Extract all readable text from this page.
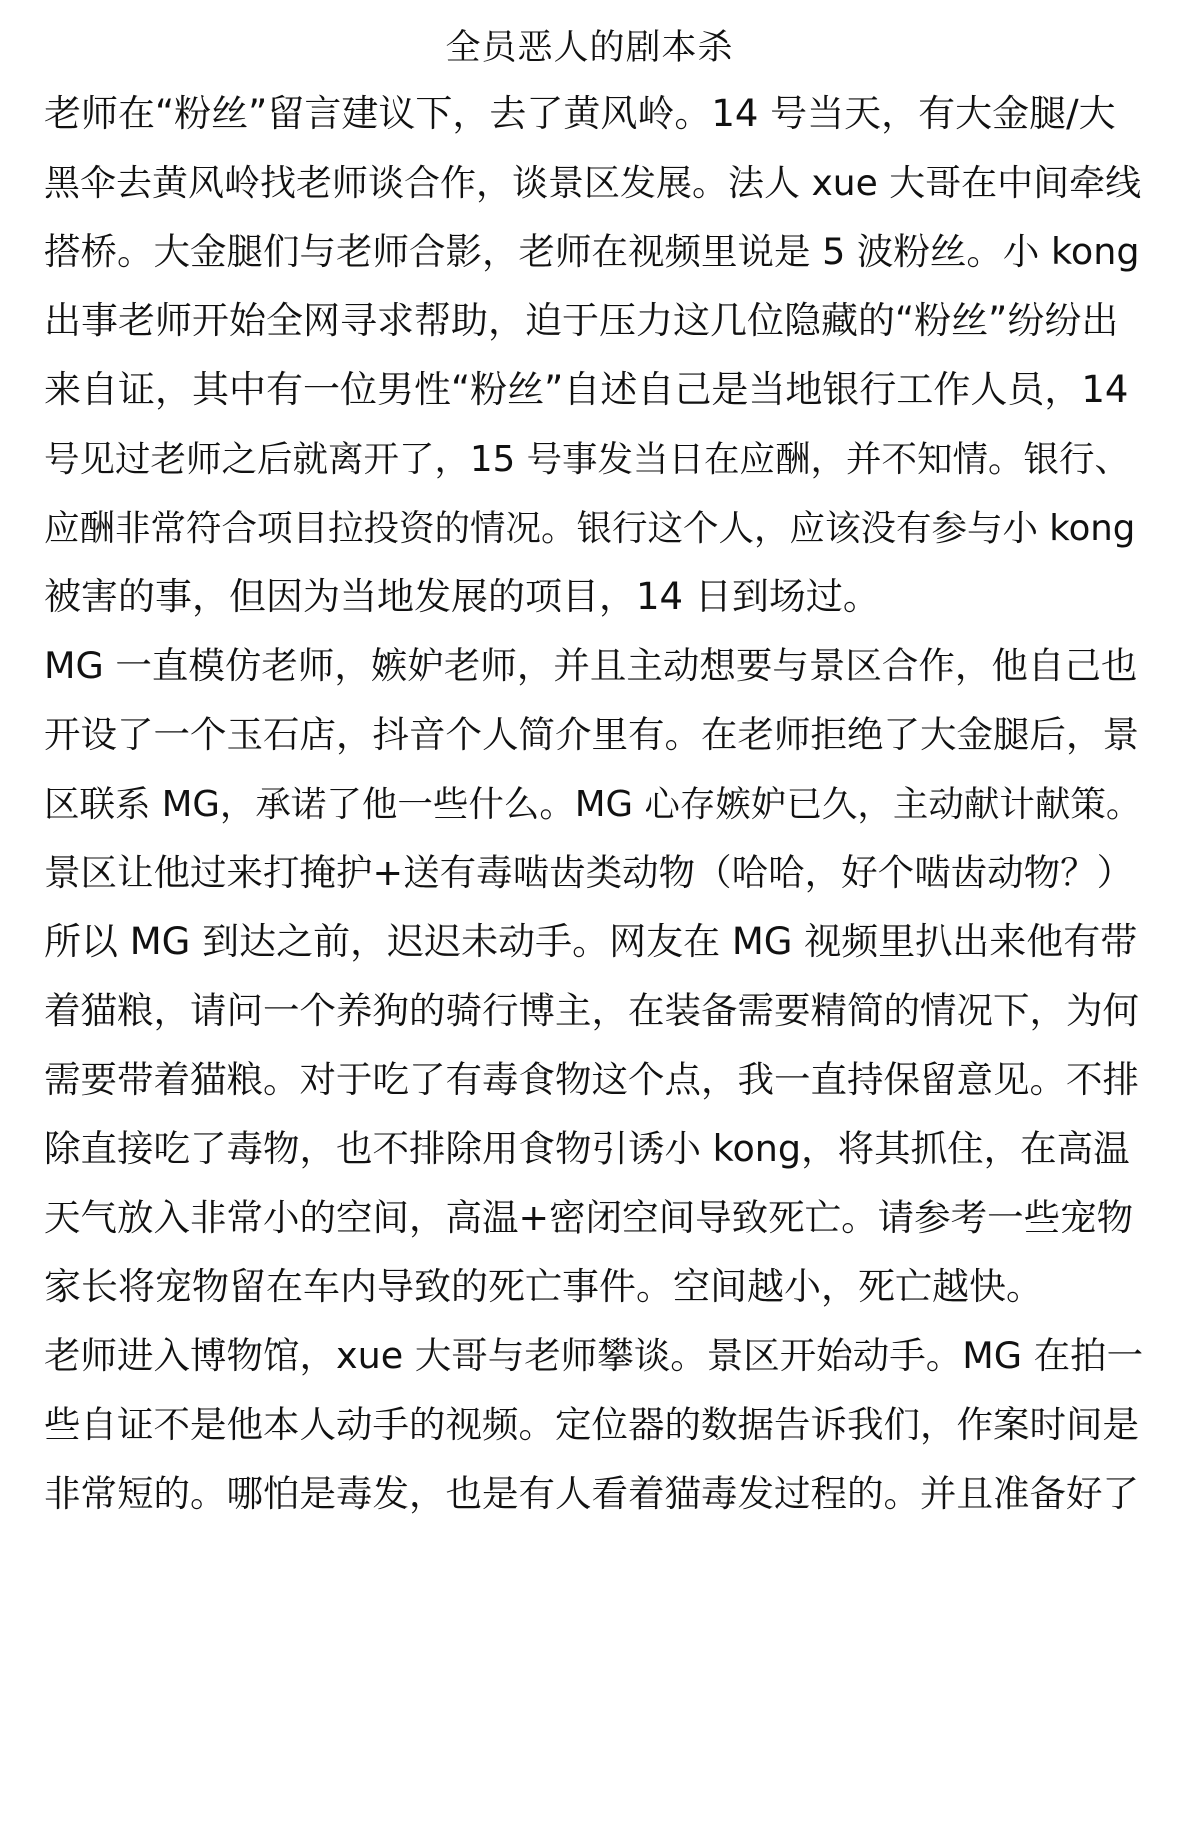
全员恶人的剧本杀
老师在“粉丝”留言建议下，去了黄风岭。14 号当天，有大金腿/大
黑伞去黄风岭找老师谈合作，谈景区发展。法人 xue 大哥在中间牵线
搭桥。大金腿们与老师合影，老师在视频里说是 5 波粉丝。小 kong
出事老师开始全网寻求帮助，迫于压力这几位隐藏的“粉丝”纷纷出
来自证，其中有一位男性“粉丝”自述自己是当地银行工作人员，14
号见过老师之后就离开了，15 号事发当日在应酬，并不知情。银行、
应酬非常符合项目拉投资的情况。银行这个人，应该没有参与小 kong
被害的事，但因为当地发展的项目，14 日到场过。
MG 一直模仿老师，嫉妒老师，并且主动想要与景区合作，他自己也
开设了一个玉石店，抖音个人简介里有。在老师拒绝了大金腿后，景
区联系 MG，承诺了他一些什么。MG 心存嫉妒已久，主动献计献策。
景区让他过来打掩护+送有毒啮齿类动物（哈哈，好个啮齿动物？）
所以 MG 到达之前，迟迟未动手。网友在 MG 视频里扒出来他有带
着猫粮，请问一个养狗的骑行博主，在装备需要精简的情况下，为何
需要带着猫粮。对于吃了有毒食物这个点，我一直持保留意见。不排
除直接吃了毒物，也不排除用食物引诱小 kong，将其抓住，在高温
天气放入非常小的空间，高温+密闭空间导致死亡。请参考一些宠物
家长将宠物留在车内导致的死亡事件。空间越小，死亡越快。
老师进入博物馆，xue 大哥与老师攀谈。景区开始动手。MG 在拍一
些自证不是他本人动手的视频。定位器的数据告诉我们，作案时间是
非常短的。哪怕是毒发，也是有人看着猫毒发过程的。并且准备好了
